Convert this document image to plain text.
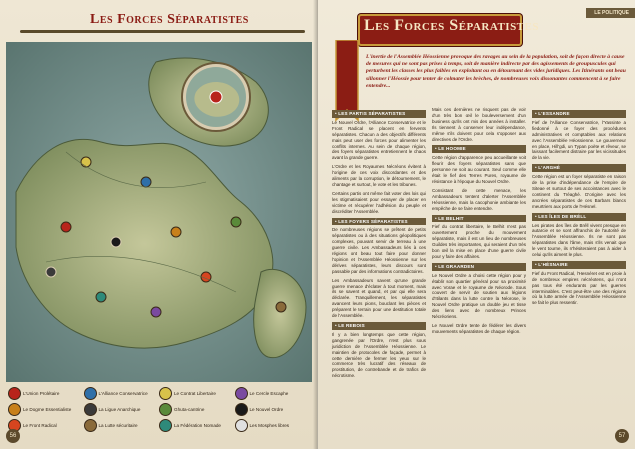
Les Forces Séparatistes
L'Union Prolétaire	L'Alliance Conservatrice	Le Contrat Libertaire	Le Cercle Escaphe
Le Dogme Essentialiste	La Ligue Anarchique	Ghuta-cantrine	Le Nouvel Ordre
Le Front Radical	La Lutte sécuritaire	La Fédération Nomade	Les Mosphes libres
56
LE POLITIQUE
Les Forces Séparatistes
L'inertie de l'Assemblée Héossienne provoque des ravages au sein de la population, soit de façon directe à cause de mesures qui ne sont pas prises à temps, soit de manière indirecte par des agissements de groupuscules qui perturbent les classes les plus faibles en exploitant ou en détournant des vides juridiques. Les Itinérants ont beau sillonner l'Héossie pour tenter de colmater les brèches, de nombreuses voix dissonantes commencent à se faire entendre...
• LES PARTIS SÉPARATISTES
Le Nouvel Ordre, l'Alliance Conservatrice et le Front Radical se placent en fervents séparatistes. Chacun a des objectifs différents mais peut user des forces pour alimenter les conflits internes. Au sein de chaque région, des foyers séparatistes entretiennent le chaos avant la grande guerre.
L'Ordre et les Royaumes Nécréons évitent à l'origine de ces voix discordantes et des aliments par la corruption, le détournement, le chantage et surtout, le vote et les tribunes.
Certains partis ont même fait voter des lois qui les stigmatisaient pour essayer de placer en victime et récupérer l'adhésion du peuple et discréditer l'Assemblée.
• LES FOYERS SÉPARATISTES
De nombreuses régions se prêtent de petits séparatistes ou à des situations géopolitiques complexes, pouvant servir de terreau à une guerre civile. Les Ambassadeurs liés à ces régions ont beau tout faire pour donner l'opinion et l'Assemblée Héossienne sur les dérives séparatistes, leurs discours sont passable par des informations contradictoires.
Les Ambassadeurs savent qu'une grande guerre menace d'éclater à tout moment, mais ils se savent et quand, et par qui elle sera déclarée. Tranquillement, les séparatistes avancent leurs pions, bouclant les pièces et préparent le terrain pour une destitution totale de l'Assemblée.
• LE REBOIS
Il y a bien longtemps que cette région, gangrenée par l'Ordre, n'est plus sous juridiction de l'Assemblée Héossienne. Le maintien de protocoles de façade, permet à cette dernière de fermer les yeux sur le commerce très lucratif des réseaux de prostitution, de contrebande et de trafics de nécrotisme.
Mais ces dernières ne risquent pas de voir d'un très bon œil le bouleversement d'un business qu'ils ont mis des années à installer. Ils tiennent à conserver leur indépendance, même s'ils doivent pour cela s'opposer aux directives de l'Ordre.
• LE HOOMIE
Cette région d'apparence peu accueillante voit fleurir des foyers séparatistes sans que personne ne soit au courant. Seul comme elle était le fief des Terres Pures, royaume de résistance à l'époque du Nouvel Ordre.
Consistant de cette menace, les Ambassadeurs tentent d'alerter l'Assemblée Héossienne, mais la cacophonie ambiante les empêche de se faire entendre.
• LE BELHIT
Fief du contrat libertaire, le Belhit n'est pas ouvertement proche du mouvement séparatiste, mais il est un lieu de nombreuses Guildes très importantes, qui seraient d'un très bon œil la mise en place d'une guerre civile pour y faire des affaires.
• LE GRAARDEN
Le Nouvel Ordre a choisi cette région pour y établir son quartier général pour sa proximité avec Vorae et le royaume de Néorode. Sous couvert de servir de soutien aux légions d'Itilants dans la lutte contre la Néorose, le Nouvel Ordre pratique un double jeu et tisse des liens avec de nombreux Princes Nécréoriens.
Le Nouvel Ordre tente de fédérer les divers mouvements séparatistes de chaque région.
• L'ESSANDRE
Fief de l'Alliance Conservatrice, l'Yassinte a fiedonné à ce foyer des procédures administratives et comptables aux relations avec l'Assemblée Héossienne. Le gouverneur en place, Hill'gdi, un Typan poète et rêveur, se laissant facilement distraire par les vicissitudes de la vie.
• L'ARGHÉ
Cette région est un foyer séparatiste en raison de la prise d'indépendance de l'empire de Siteae et surtout de ses accointances avec le continent du Tréaghé. D'origine avec les ancrées séparatistes de ces Barbars blancs meurtriers aux ports de l'Hésnel.
• LES ÎLES DE BRÉLL
Les pirates des îles de Bréll vivent presque en autarcie et se sont affranchis de l'autorité de l'Assemblée Héossienne. Ils ne sont pas séparatistes dans l'âme, mais s'ils venait que le vent tourne, ils n'hésiteraient pas à aider à celui qu'ils aiment le plus.
• L'HÉSNAIRE
Fief du Front Radical, l'Hesnéret est en proie à de nombreux empires nécréotens, qui n'ont pas tous été endurants par les guerres interminables. C'est peut-être une des régions où la lutte armée de l'Assemblée Héossienne se fait le plus ressentir.
57
